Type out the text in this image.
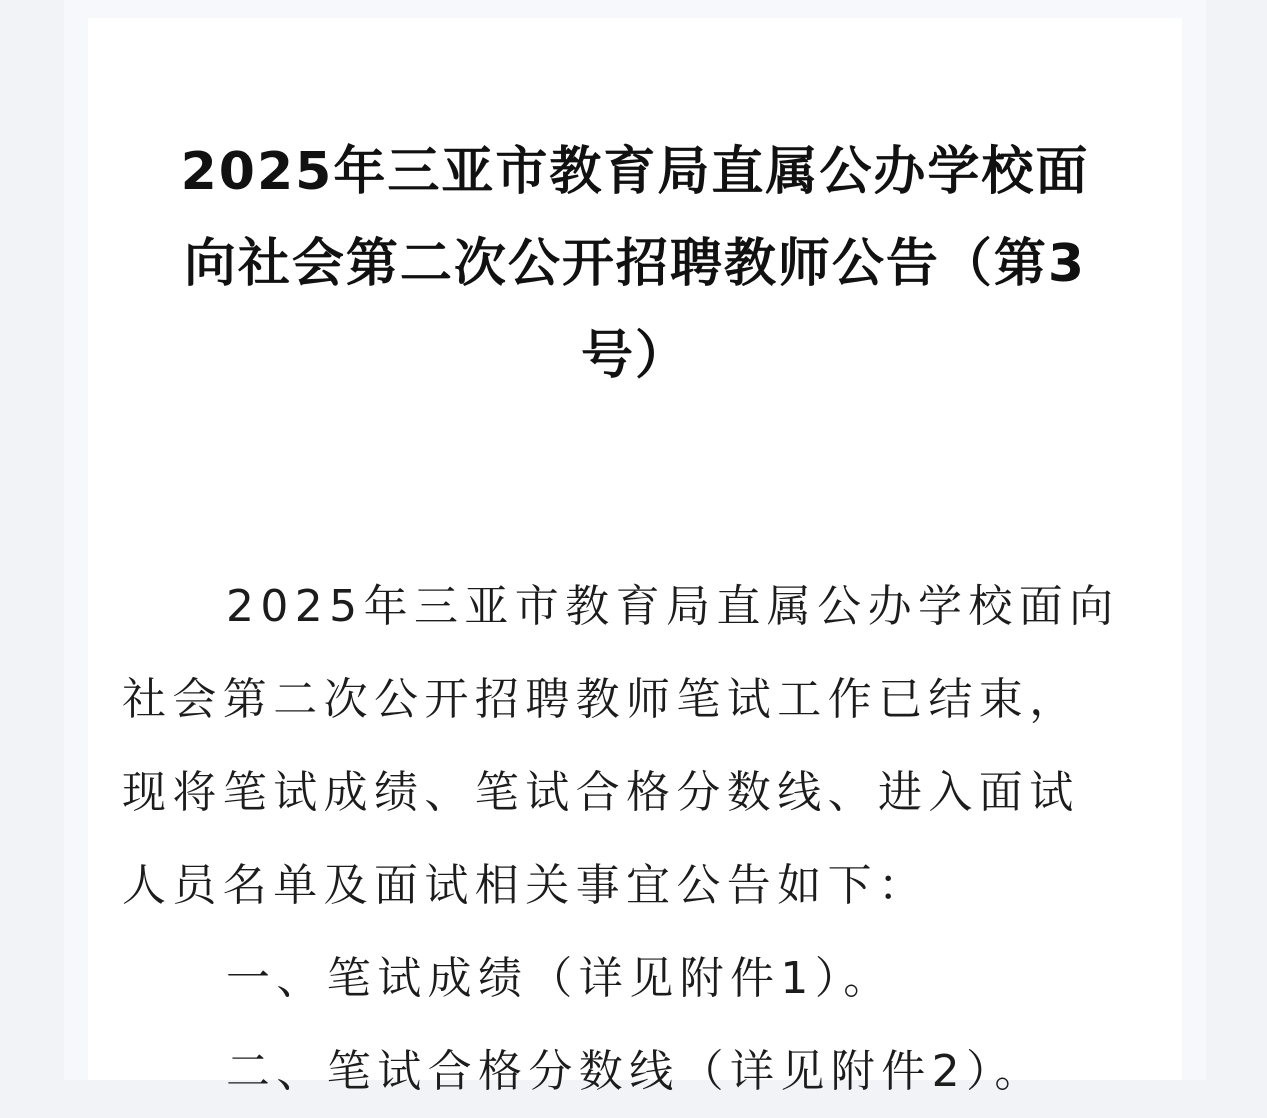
2025年三亚市教育局直属公办学校面
向社会第二次公开招聘教师公告（第3
号）
2025年三亚市教育局直属公办学校面向
社会第二次公开招聘教师笔试工作已结束，
现将笔试成绩、笔试合格分数线、进入面试
人员名单及面试相关事宜公告如下：
一、笔试成绩（详见附件1）。
二、笔试合格分数线（详见附件2）。
